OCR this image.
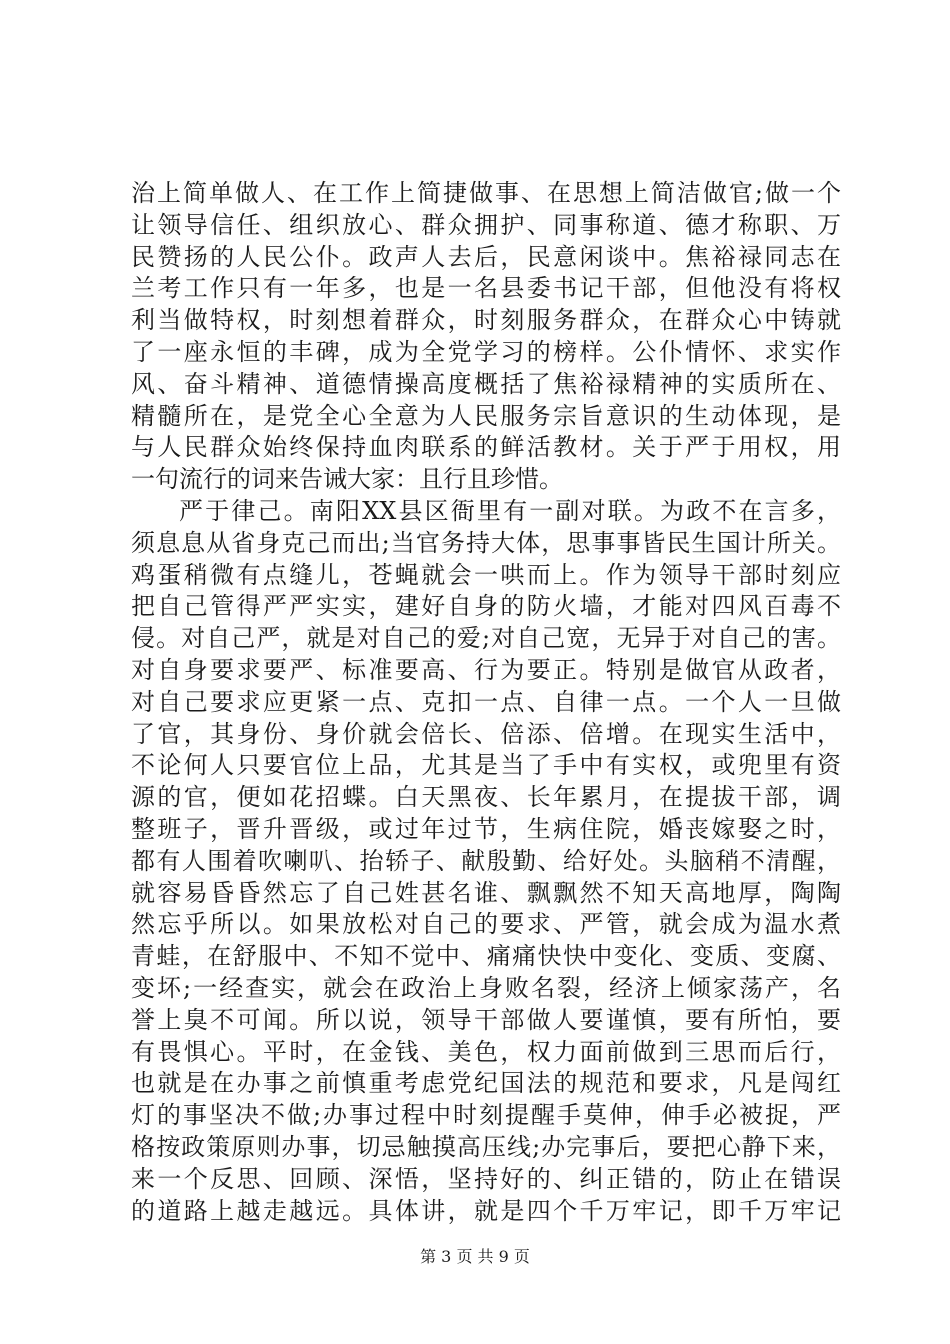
治上简单做人、在工作上简捷做事、在思想上简洁做官;做一个
让领导信任、组织放心、群众拥护、同事称道、德才称职、万
民赞扬的人民公仆。政声人去后，民意闲谈中。焦裕禄同志在
兰考工作只有一年多，也是一名县委书记干部，但他没有将权
利当做特权，时刻想着群众，时刻服务群众，在群众心中铸就
了一座永恒的丰碑，成为全党学习的榜样。公仆情怀、求实作
风、奋斗精神、道德情操高度概括了焦裕禄精神的实质所在、
精髓所在，是党全心全意为人民服务宗旨意识的生动体现，是
与人民群众始终保持血肉联系的鲜活教材。关于严于用权，用
一句流行的词来告诫大家：且行且珍惜。
严于律己。南阳XX县区衙里有一副对联。为政不在言多，
须息息从省身克己而出;当官务持大体，思事事皆民生国计所关。
鸡蛋稍微有点缝儿，苍蝇就会一哄而上。作为领导干部时刻应
把自己管得严严实实，建好自身的防火墙，才能对四风百毒不
侵。对自己严，就是对自己的爱;对自己宽，无异于对自己的害。
对自身要求要严、标准要高、行为要正。特别是做官从政者，
对自己要求应更紧一点、克扣一点、自律一点。一个人一旦做
了官，其身份、身价就会倍长、倍添、倍增。在现实生活中，
不论何人只要官位上品，尤其是当了手中有实权，或兜里有资
源的官，便如花招蝶。白天黑夜、长年累月，在提拔干部，调
整班子，晋升晋级，或过年过节，生病住院，婚丧嫁娶之时，
都有人围着吹喇叭、抬轿子、献殷勤、给好处。头脑稍不清醒，
就容易昏昏然忘了自己姓甚名谁、飘飘然不知天高地厚，陶陶
然忘乎所以。如果放松对自己的要求、严管，就会成为温水煮
青蛙，在舒服中、不知不觉中、痛痛快快中变化、变质、变腐、
变坏;一经查实，就会在政治上身败名裂，经济上倾家荡产，名
誉上臭不可闻。所以说，领导干部做人要谨慎，要有所怕，要
有畏惧心。平时，在金钱、美色，权力面前做到三思而后行，
也就是在办事之前慎重考虑党纪国法的规范和要求，凡是闯红
灯的事坚决不做;办事过程中时刻提醒手莫伸，伸手必被捉，严
格按政策原则办事，切忌触摸高压线;办完事后，要把心静下来，
来一个反思、回顾、深悟，坚持好的、纠正错的，防止在错误
的道路上越走越远。具体讲，就是四个千万牢记，即千万牢记
第 3 页 共 9 页
